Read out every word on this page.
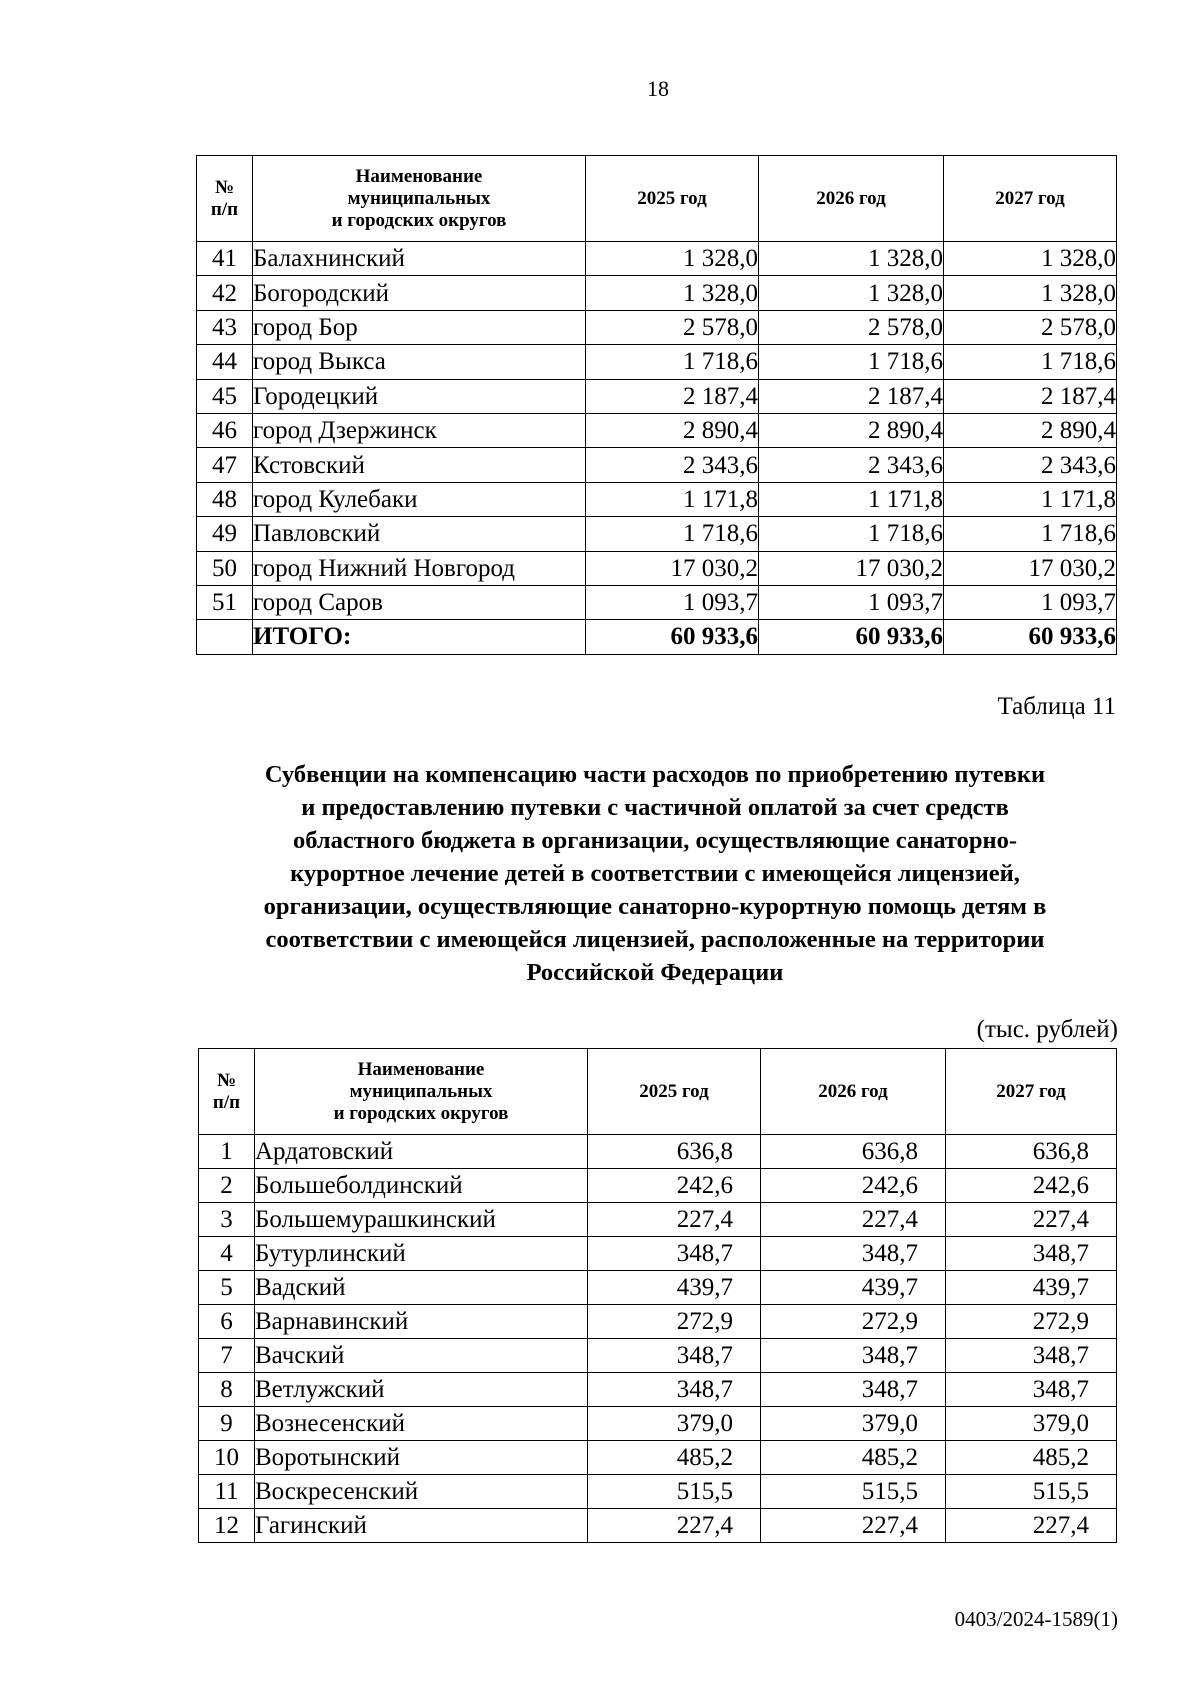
18
№ п/п	Наименование
муниципальных
и городских округов	2025 год	2026 год	2027 год
41	Балахнинский	1 328,0	1 328,0	1 328,0
42	Богородский	1 328,0	1 328,0	1 328,0
43	город Бор	2 578,0	2 578,0	2 578,0
44	город Выкса	1 718,6	1 718,6	1 718,6
45	Городецкий	2 187,4	2 187,4	2 187,4
46	город Дзержинск	2 890,4	2 890,4	2 890,4
47	Кстовский	2 343,6	2 343,6	2 343,6
48	город Кулебаки	1 171,8	1 171,8	1 171,8
49	Павловский	1 718,6	1 718,6	1 718,6
50	город Нижний Новгород	17 030,2	17 030,2	17 030,2
51	город Саров	1 093,7	1 093,7	1 093,7
	ИТОГО:	60 933,6	60 933,6	60 933,6
Таблица 11
Субвенции на компенсацию части расходов по приобретению путевки
и предоставлению путевки с частичной оплатой за счет средств
областного бюджета в организации, осуществляющие санаторно-
курортное лечение детей в соответствии с имеющейся лицензией,
организации, осуществляющие санаторно-курортную помощь детям в
соответствии с имеющейся лицензией, расположенные на территории
Российской Федерации
(тыс. рублей)
№ п/п	Наименование
муниципальных
и городских округов	2025 год	2026 год	2027 год
1	Ардатовский	636,8	636,8	636,8
2	Большеболдинский	242,6	242,6	242,6
3	Большемурашкинский	227,4	227,4	227,4
4	Бутурлинский	348,7	348,7	348,7
5	Вадский	439,7	439,7	439,7
6	Варнавинский	272,9	272,9	272,9
7	Вачский	348,7	348,7	348,7
8	Ветлужский	348,7	348,7	348,7
9	Вознесенский	379,0	379,0	379,0
10	Воротынский	485,2	485,2	485,2
11	Воскресенский	515,5	515,5	515,5
12	Гагинский	227,4	227,4	227,4
0403/2024-1589(1)
